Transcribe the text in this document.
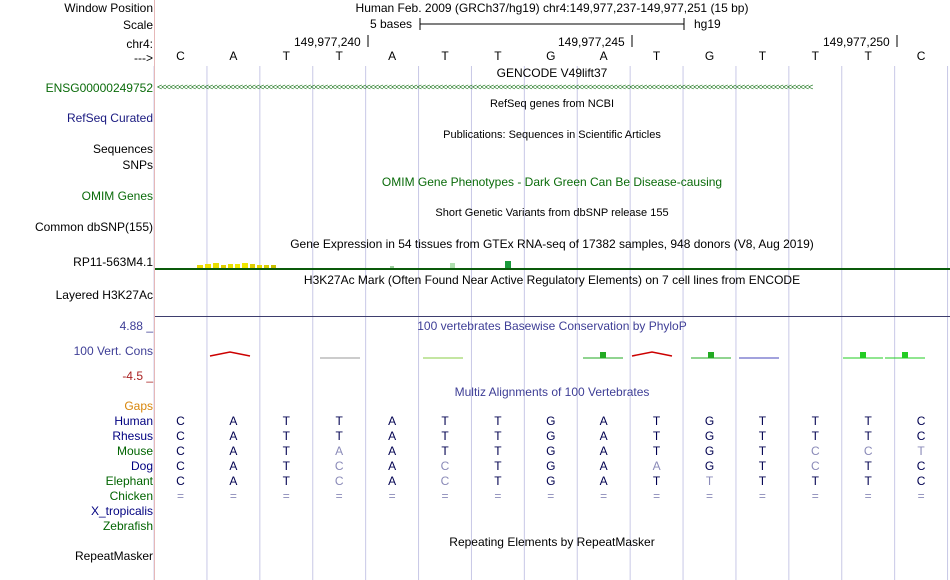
Window Position	Human Feb. 2009 (GRCh37/hg19) chr4:149,977,237-149,977,251 (15 bp)
Scale	5 bases	hg19
chr4:	149,977,240	149,977,245	149,977,250
--->	C	A	T	T	A	T	T	G	A	T	G	T	T	T	C
GENCODE V49lift37
ENSG00000249752 <<<<<<<<<<<<<<<<<<<<<<<<<<<<<<<<<<<<<<<<<<<<<<<<<<<<<<<<<<<<<<<<<<<<<<<<<<<<<<<<<<<<<<<<<<<<<<<<<<<<<<<<<<<<<<<<<<<<<<<<<<<<<<<<<<<<<<<<<<<<<<<<<<<<<<<<<<
RefSeq genes from NCBI
RefSeq Curated
Publications: Sequences in Scientific Articles
Sequences
SNPs
OMIM Gene Phenotypes - Dark Green Can Be Disease-causing
OMIM Genes
Short Genetic Variants from dbSNP release 155
Common dbSNP(155)
Gene Expression in 54 tissues from GTEx RNA-seq of 17382 samples, 948 donors (V8, Aug 2019)
RP11-563M4.1
H3K27Ac Mark (Often Found Near Active Regulatory Elements) on 7 cell lines from ENCODE
Layered H3K27Ac
4.88 _	100 vertebrates Basewise Conservation by PhyloP
100 Vert. Cons
-4.5 _
Multiz Alignments of 100 Vertebrates
Gaps
Human	C	A	T	T	A	T	T	G	A	T	G	T	T	T	C
Rhesus	C	A	T	T	A	T	T	G	A	T	G	T	T	T	C
Mouse	C	A	T	A	A	T	T	G	A	T	G	T	C	C	T
Dog	C	A	T	C	A	C	T	G	A	A	G	T	C	T	C
Elephant	C	A	T	C	A	C	T	G	A	T	T	T	T	T	C
Chicken	=	=	=	=	=	=	=	=	=	=	=	=	=	=	=
X_tropicalis
Zebrafish
Repeating Elements by RepeatMasker
RepeatMasker
